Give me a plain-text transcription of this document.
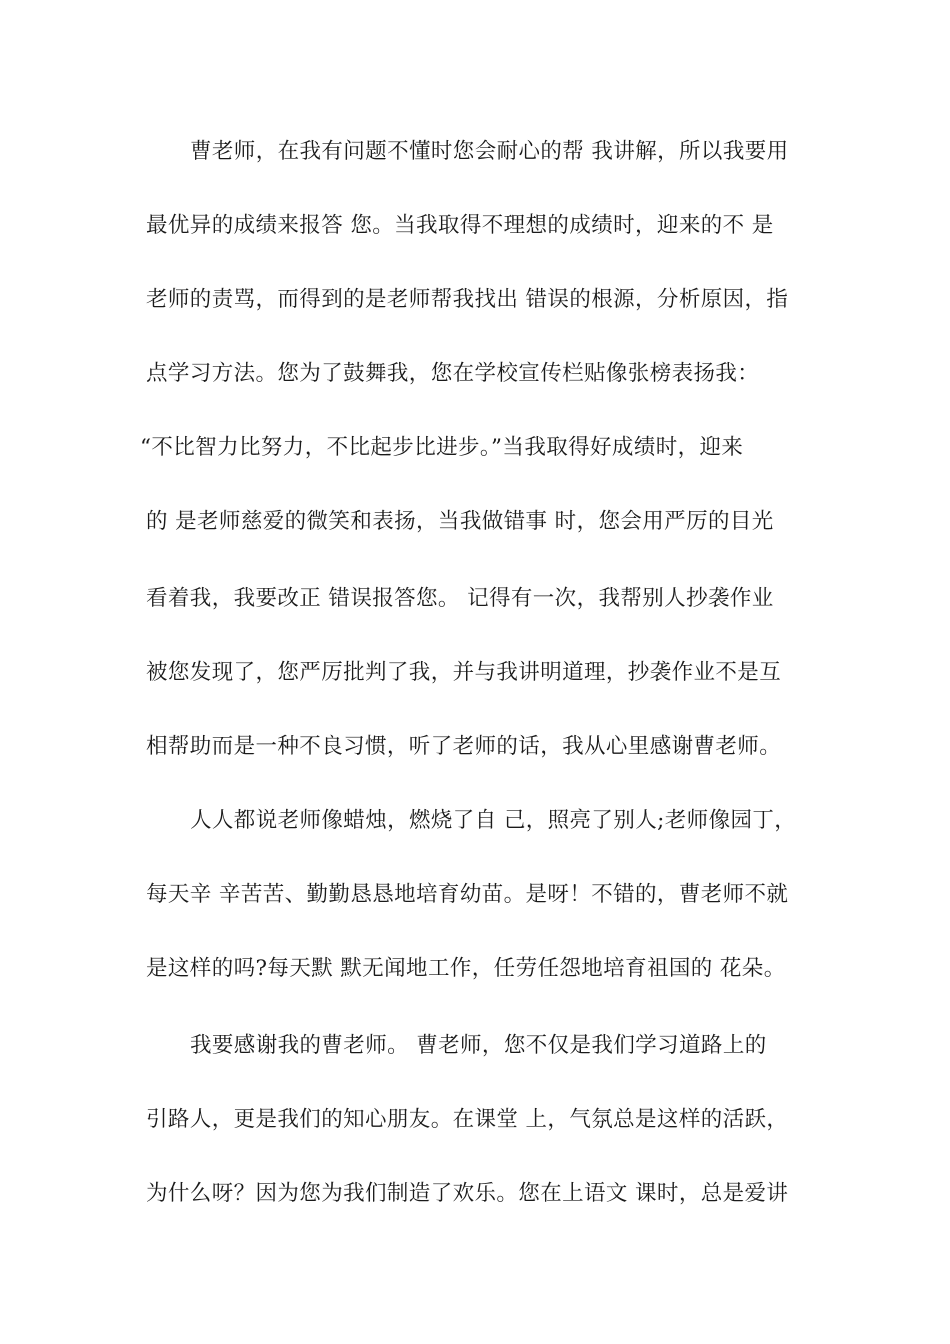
曹老师，在我有问题不懂时您会耐心的帮 我讲解，所以我要用
最优异的成绩来报答 您。当我取得不理想的成绩时，迎来的不 是
老师的责骂，而得到的是老师帮我找出 错误的根源，分析原因，指
点学习方法。您为了鼓舞我，您在学校宣传栏贴像张榜表扬我：
“不比智力比努力，不比起步比进步。”当我取得好成绩时，迎来
的 是老师慈爱的微笑和表扬，当我做错事 时，您会用严厉的目光
看着我，我要改正 错误报答您。 记得有一次，我帮别人抄袭作业
被您发现了，您严厉批判了我，并与我讲明道理，抄袭作业不是互
相帮助而是一种不良习惯，听了老师的话，我从心里感谢曹老师。
人人都说老师像蜡烛，燃烧了自 己，照亮了别人;老师像园丁，
每天辛 辛苦苦、勤勤恳恳地培育幼苗。是呀！不错的，曹老师不就
是这样的吗?每天默 默无闻地工作，任劳任怨地培育祖国的 花朵。
我要感谢我的曹老师。 曹老师，您不仅是我们学习道路上的
引路人，更是我们的知心朋友。在课堂 上，气氛总是这样的活跃，
为什么呀？因为您为我们制造了欢乐。您在上语文 课时，总是爱讲
